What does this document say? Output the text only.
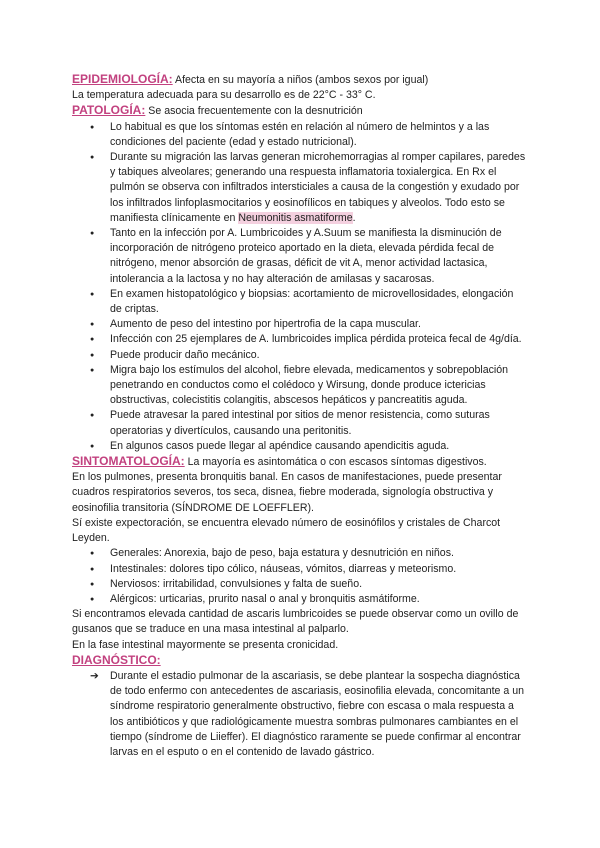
EPIDEMIOLOGÍA: Afecta en su mayoría a niños (ambos sexos por igual)

La temperatura adecuada para su desarrollo es de 22°C - 33° C.

PATOLOGÍA: Se asocia frecuentemente con la desnutrición

● Lo habitual es que los síntomas estén en relación al número de helmintos y a las condiciones del paciente (edad y estado nutricional).
● Durante su migración las larvas generan microhemorragias al romper capilares, paredes y tabiques alveolares; generando una respuesta inflamatoria toxialergica. En Rx el pulmón se observa con infiltrados intersticiales a causa de la congestión y exudado por los infiltrados linfoplasmocitarios y eosinofílicos en tabiques y alveolos. Todo esto se manifiesta clínicamente en Neumonitis asmatiforme.
● Tanto en la infección por A. Lumbricoides y A.Suum se manifiesta la disminución de incorporación de nitrógeno proteico aportado en la dieta, elevada pérdida fecal de nitrógeno, menor absorción de grasas, déficit de vit A, menor actividad lactasica, intolerancia a la lactosa y no hay alteración de amilasas y sacarosas.
● En examen histopatológico y biopsias: acortamiento de microvellosidades, elongación de criptas.
● Aumento de peso del intestino por hipertrofia de la capa muscular.
● Infección con 25 ejemplares de A. lumbricoides implica pérdida proteica fecal de 4g/día.
● Puede producir daño mecánico.
● Migra bajo los estímulos del alcohol, fiebre elevada, medicamentos y sobrepoblación penetrando en conductos como el colédoco y Wirsung, donde produce ictericias obstructivas, colecistitis colangitis, abscesos hepáticos y pancreatitis aguda.
● Puede atravesar la pared intestinal por sitios de menor resistencia, como suturas operatorias y divertículos, causando una peritonitis.
● En algunos casos puede llegar al apéndice causando apendicitis aguda.

SINTOMATOLOGÍA: La mayoría es asintomática o con escasos síntomas digestivos.

En los pulmones, presenta bronquitis banal. En casos de manifestaciones, puede presentar cuadros respiratorios severos, tos seca, disnea, fiebre moderada, signología obstructiva y eosinofilia transitoria (SÍNDROME DE LOEFFLER).

Sí existe expectoración, se encuentra elevado número de eosinófilos y cristales de Charcot Leyden.

● Generales: Anorexia, bajo de peso, baja estatura y desnutrición en niños.
● Intestinales: dolores tipo cólico, náuseas, vómitos, diarreas y meteorismo.
● Nerviosos: irritabilidad, convulsiones y falta de sueño.
● Alérgicos: urticarias, prurito nasal o anal y bronquitis asmátiforme.

Si encontramos elevada cantidad de ascaris lumbricoides se puede observar como un ovillo de gusanos que se traduce en una masa intestinal al palparlo.

En la fase intestinal mayormente se presenta cronicidad.

DIAGNÓSTICO:

➔ Durante el estadio pulmonar de la ascariasis, se debe plantear la sospecha diagnóstica de todo enfermo con antecedentes de ascariasis, eosinofilia elevada, concomitante a un síndrome respiratorio generalmente obstructivo, fiebre con escasa o mala respuesta a los antibióticos y que radiológicamente muestra sombras pulmonares cambiantes en el tiempo (síndrome de Liieffer). El diagnóstico raramente se puede confirmar al encontrar larvas en el esputo o en el contenido de lavado gástrico.
